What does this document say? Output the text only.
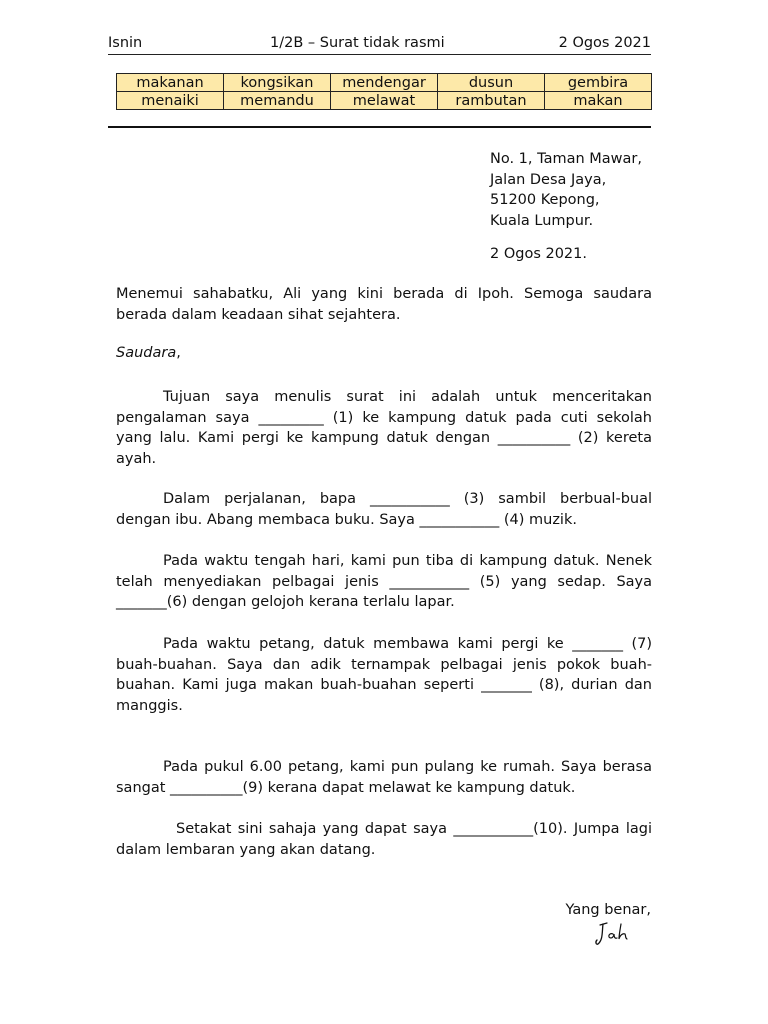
Isnin	1/2B – Surat tidak rasmi	2 Ogos 2021
makanan	kongsikan	mendengar	dusun	gembira
menaiki	memandu	melawat	rambutan	makan
No. 1, Taman Mawar,
Jalan Desa Jaya,
51200 Kepong,
Kuala Lumpur.
2 Ogos 2021.
Menemui sahabatku, Ali yang kini berada di Ipoh. Semoga saudara berada dalam keadaan sihat sejahtera.
Saudara,
Tujuan saya menulis surat ini adalah untuk menceritakan pengalaman saya _________ (1) ke kampung datuk pada cuti sekolah yang lalu. Kami pergi ke kampung datuk dengan __________ (2) kereta ayah.
Dalam perjalanan, bapa ___________ (3) sambil berbual-bual dengan ibu. Abang membaca buku. Saya ___________ (4) muzik.
Pada waktu tengah hari, kami pun tiba di kampung datuk. Nenek telah menyediakan pelbagai jenis ___________ (5) yang sedap. Saya _______(6) dengan gelojoh kerana terlalu lapar.
Pada waktu petang, datuk membawa kami pergi ke _______ (7) buah-buahan. Saya dan adik ternampak pelbagai jenis pokok buah-buahan. Kami juga makan buah-buahan seperti _______ (8), durian dan manggis.
Pada pukul 6.00 petang, kami pun pulang ke rumah. Saya berasa sangat __________(9) kerana dapat melawat ke kampung datuk.
Setakat sini sahaja yang dapat saya ___________(10). Jumpa lagi dalam lembaran yang akan datang.
Yang benar,
